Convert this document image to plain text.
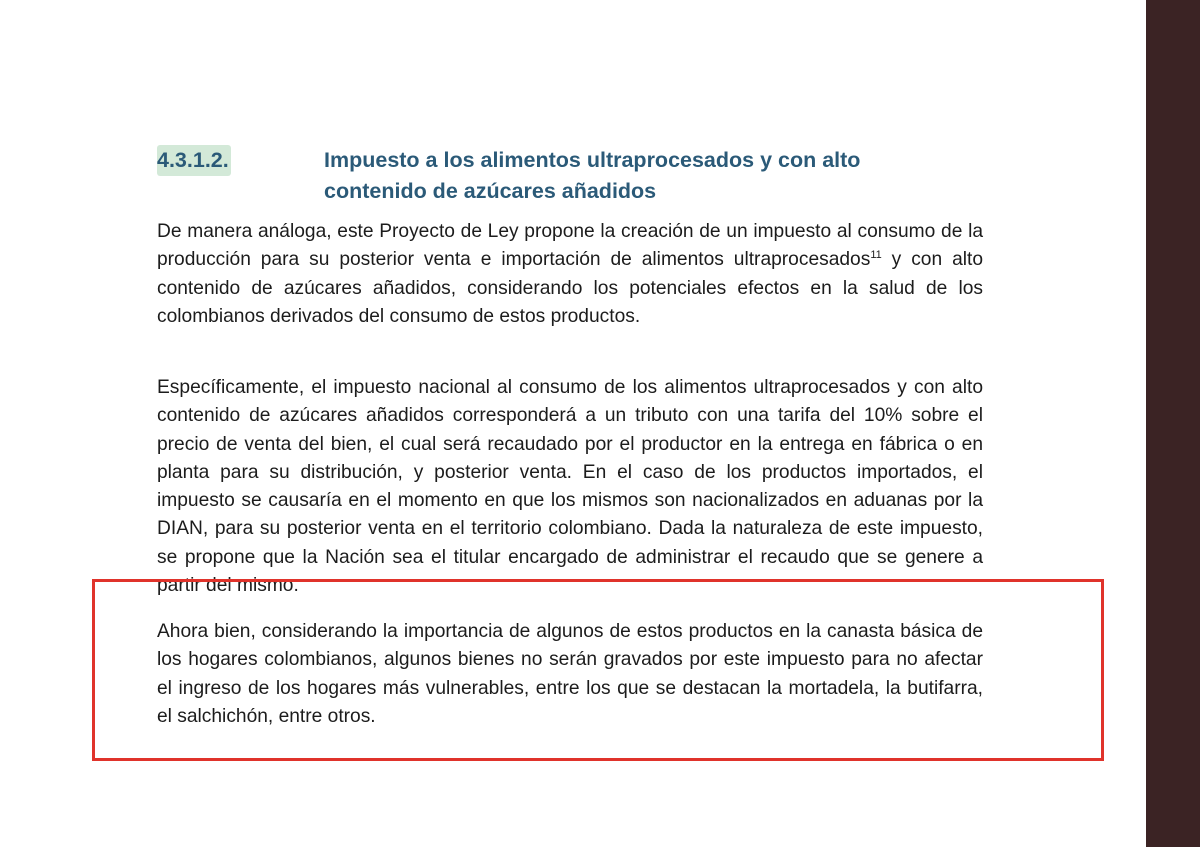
4.3.1.2.	Impuesto a los alimentos ultraprocesados y con alto contenido de azúcares añadidos

De manera análoga, este Proyecto de Ley propone la creación de un impuesto al consumo de la producción para su posterior venta e importación de alimentos ultraprocesados$^{11}$ y con alto contenido de azúcares añadidos, considerando los potenciales efectos en la salud de los colombianos derivados del consumo de estos productos.

Específicamente, el impuesto nacional al consumo de los alimentos ultraprocesados y con alto contenido de azúcares añadidos corresponderá a un tributo con una tarifa del 10% sobre el precio de venta del bien, el cual será recaudado por el productor en la entrega en fábrica o en planta para su distribución, y posterior venta. En el caso de los productos importados, el impuesto se causaría en el momento en que los mismos son nacionalizados en aduanas por la DIAN, para su posterior venta en el territorio colombiano. Dada la naturaleza de este impuesto, se propone que la Nación sea el titular encargado de administrar el recaudo que se genere a partir del mismo.

Ahora bien, considerando la importancia de algunos de estos productos en la canasta básica de los hogares colombianos, algunos bienes no serán gravados por este impuesto para no afectar el ingreso de los hogares más vulnerables, entre los que se destacan la mortadela, la butifarra, el salchichón, entre otros.
